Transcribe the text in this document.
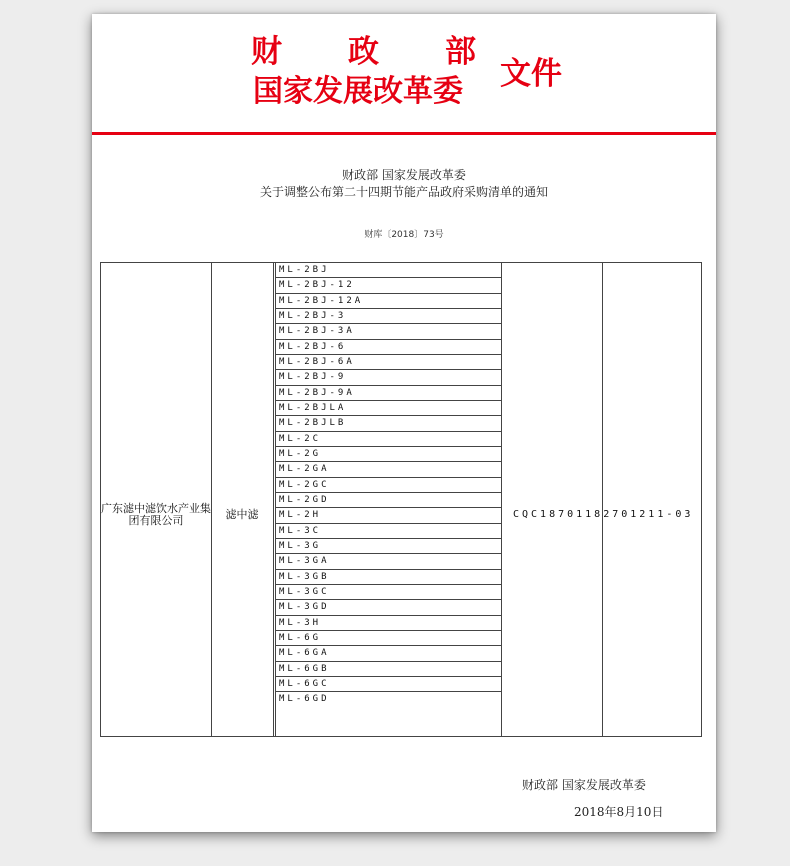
财政部
国家发展改革委 文件
财政部 国家发展改革委
关于调整公布第二十四期节能产品政府采购清单的通知
财库〔2018〕73号
广东滤中滤饮水产业集团有限公司	滤中滤
ML-2BJ
ML-2BJ-12
ML-2BJ-12A
ML-2BJ-3
ML-2BJ-3A
ML-2BJ-6
ML-2BJ-6A
ML-2BJ-9
ML-2BJ-9A
ML-2BJLA
ML-2BJLB
ML-2C
ML-2G
ML-2GA
ML-2GC
ML-2GD
ML-2H
ML-3C
ML-3G
ML-3GA
ML-3GB
ML-3GC
ML-3GD
ML-3H
ML-6G
ML-6GA
ML-6GB
ML-6GC
ML-6GD
CQC18701182701211-03
财政部 国家发展改革委
2018年8月10日
